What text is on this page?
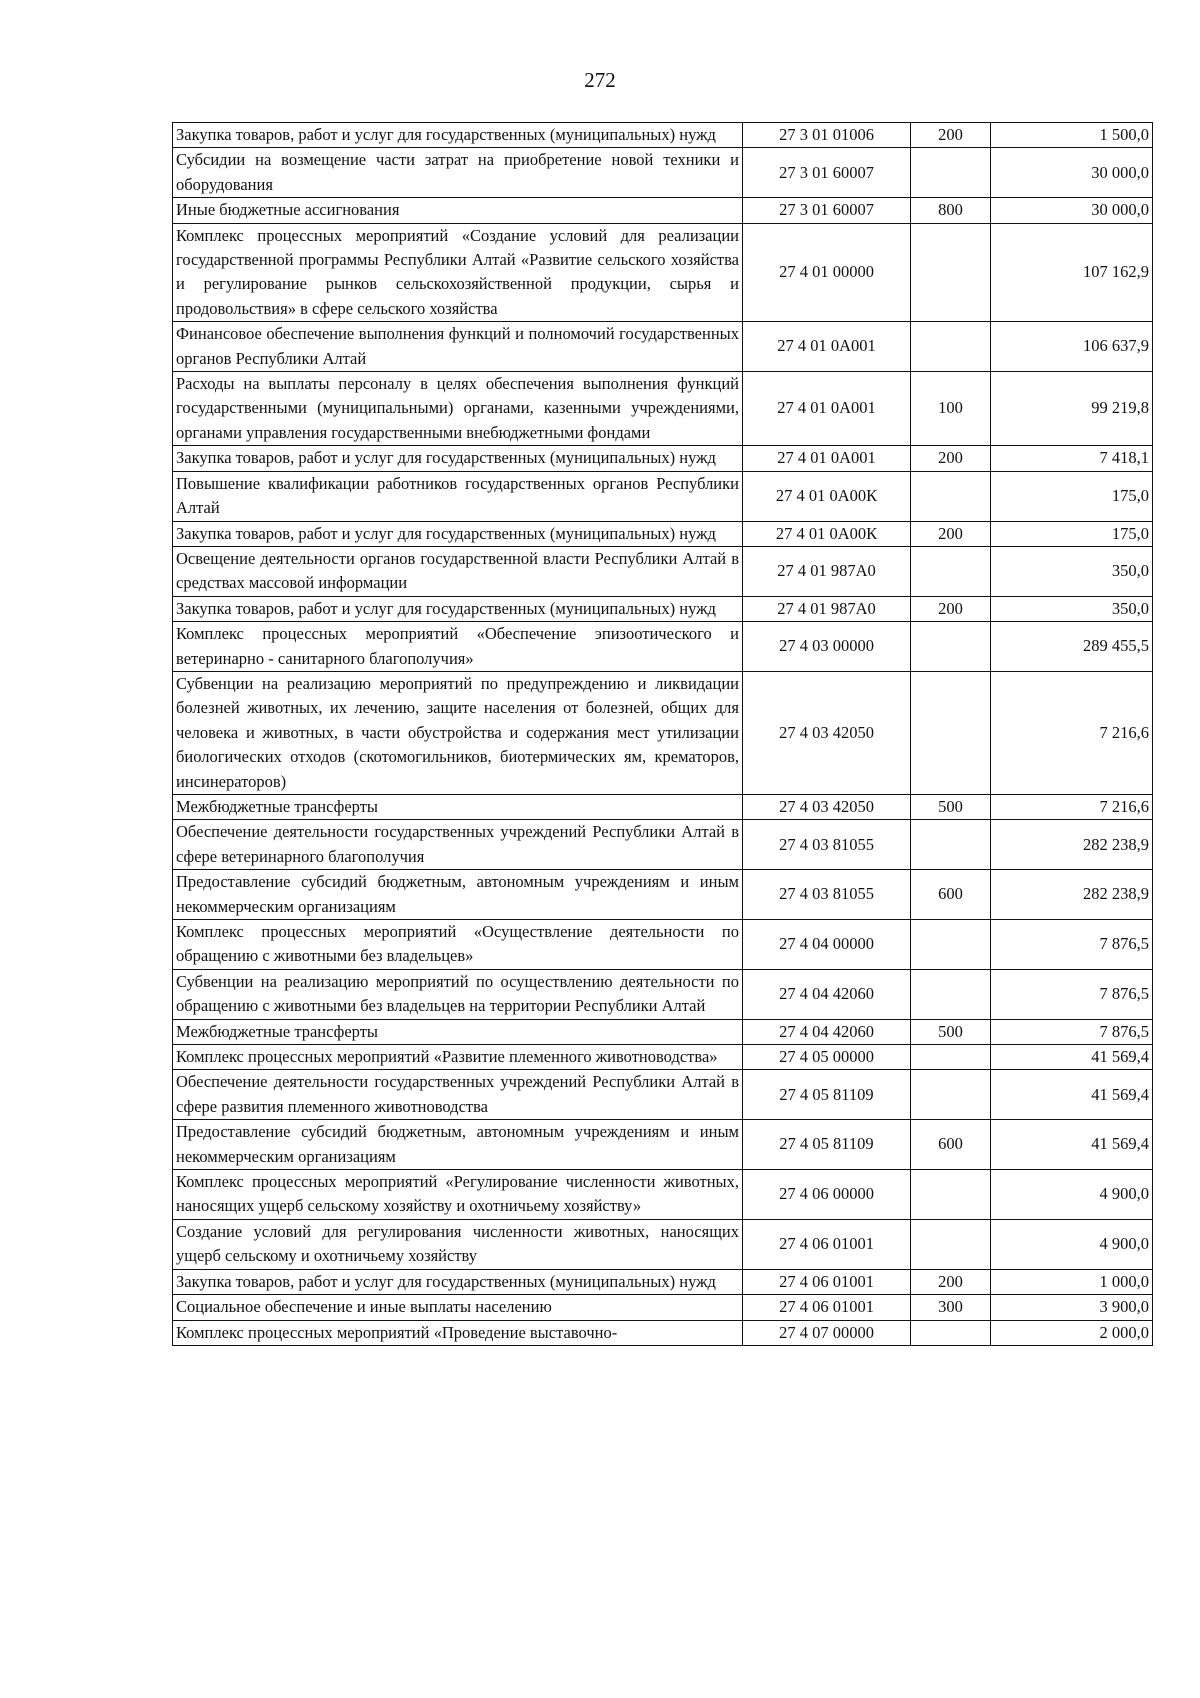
272
Закупка товаров, работ и услуг для государственных (муниципальных) нужд	27 3 01 01006	200	1 500,0
Субсидии на возмещение части затрат на приобретение новой техники и оборудования	27 3 01 60007		30 000,0
Иные бюджетные ассигнования	27 3 01 60007	800	30 000,0
Комплекс процессных мероприятий «Создание условий для реализации государственной программы Республики Алтай «Развитие сельского хозяйства и регулирование рынков сельскохозяйственной продукции, сырья и продовольствия» в сфере сельского хозяйства	27 4 01 00000		107 162,9
Финансовое обеспечение выполнения функций и полномочий государственных органов Республики Алтай	27 4 01 0А001		106 637,9
Расходы на выплаты персоналу в целях обеспечения выполнения функций государственными (муниципальными) органами, казенными учреждениями, органами управления государственными внебюджетными фондами	27 4 01 0А001	100	99 219,8
Закупка товаров, работ и услуг для государственных (муниципальных) нужд	27 4 01 0А001	200	7 418,1
Повышение квалификации работников государственных органов Республики Алтай	27 4 01 0А00К		175,0
Закупка товаров, работ и услуг для государственных (муниципальных) нужд	27 4 01 0А00К	200	175,0
Освещение деятельности органов государственной власти Республики Алтай в средствах массовой информации	27 4 01 987А0		350,0
Закупка товаров, работ и услуг для государственных (муниципальных) нужд	27 4 01 987А0	200	350,0
Комплекс процессных мероприятий «Обеспечение эпизоотического и ветеринарно - санитарного благополучия»	27 4 03 00000		289 455,5
Субвенции на реализацию мероприятий по предупреждению и ликвидации болезней животных, их лечению, защите населения от болезней, общих для человека и животных, в части обустройства и содержания мест утилизации биологических отходов (скотомогильников, биотермических ям, крематоров, инсинераторов)	27 4 03 42050		7 216,6
Межбюджетные трансферты	27 4 03 42050	500	7 216,6
Обеспечение деятельности государственных учреждений Республики Алтай в сфере ветеринарного благополучия	27 4 03 81055		282 238,9
Предоставление субсидий бюджетным, автономным учреждениям и иным некоммерческим организациям	27 4 03 81055	600	282 238,9
Комплекс процессных мероприятий «Осуществление деятельности по обращению с животными без владельцев»	27 4 04 00000		7 876,5
Субвенции на реализацию мероприятий по осуществлению деятельности по обращению с животными без владельцев на территории Республики Алтай	27 4 04 42060		7 876,5
Межбюджетные трансферты	27 4 04 42060	500	7 876,5
Комплекс процессных мероприятий «Развитие племенного животноводства»	27 4 05 00000		41 569,4
Обеспечение деятельности государственных учреждений Республики Алтай в сфере развития племенного животноводства	27 4 05 81109		41 569,4
Предоставление субсидий бюджетным, автономным учреждениям и иным некоммерческим организациям	27 4 05 81109	600	41 569,4
Комплекс процессных мероприятий «Регулирование численности животных, наносящих ущерб сельскому хозяйству и охотничьему хозяйству»	27 4 06 00000		4 900,0
Создание условий для регулирования численности животных, наносящих ущерб сельскому и охотничьему хозяйству	27 4 06 01001		4 900,0
Закупка товаров, работ и услуг для государственных (муниципальных) нужд	27 4 06 01001	200	1 000,0
Социальное обеспечение и иные выплаты населению	27 4 06 01001	300	3 900,0
Комплекс процессных мероприятий «Проведение выставочно-	27 4 07 00000		2 000,0
